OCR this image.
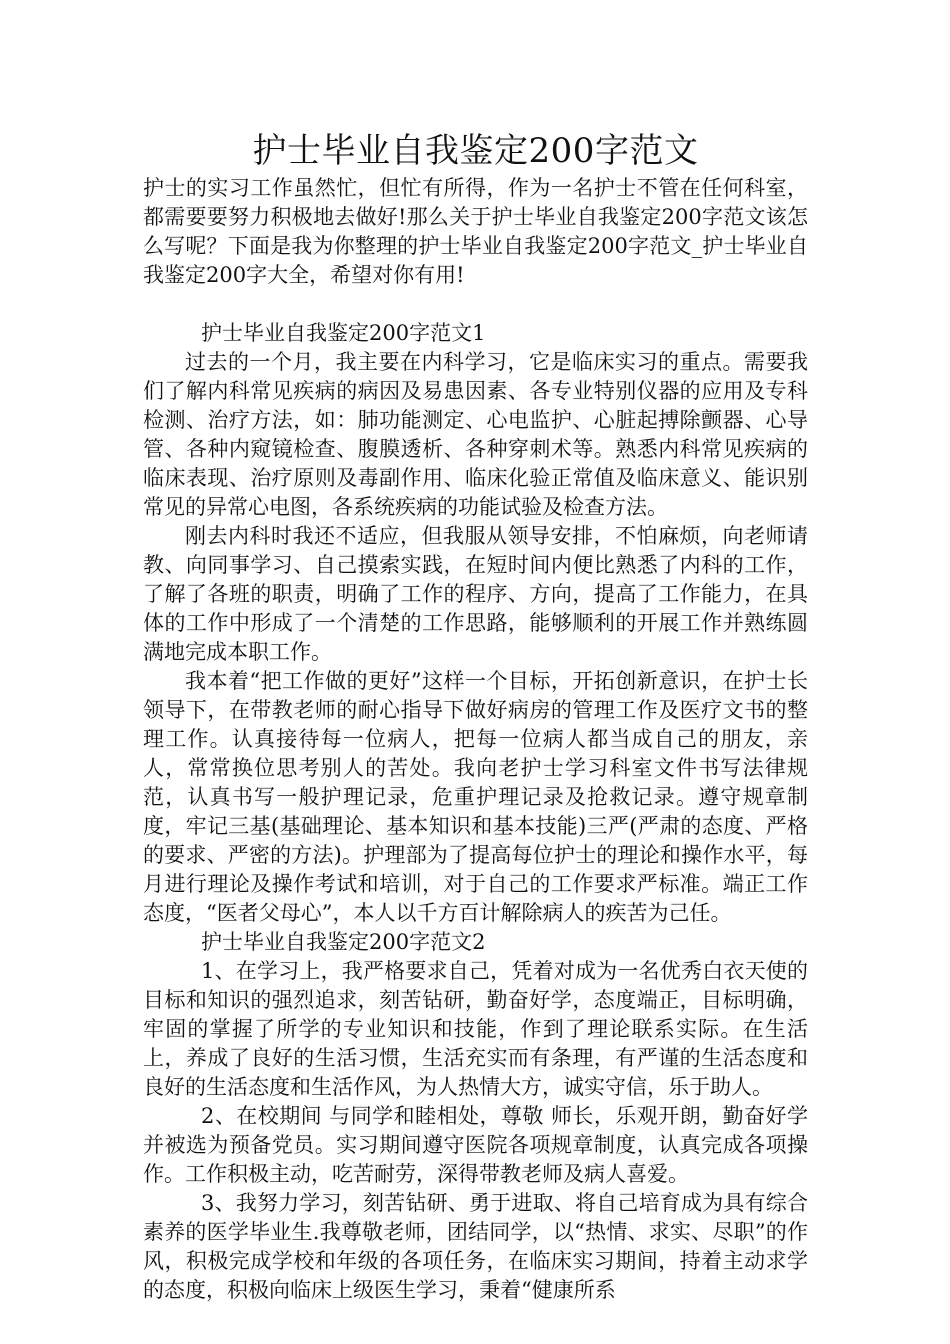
护士毕业自我鉴定200字范文

护士的实习工作虽然忙，但忙有所得，作为一名护士不管在任何科室，都需要要努力积极地去做好!那么关于护士毕业自我鉴定200字范文该怎么写呢？下面是我为你整理的护士毕业自我鉴定200字范文_护士毕业自我鉴定200字大全，希望对你有用!

护士毕业自我鉴定200字范文1

过去的一个月，我主要在内科学习，它是临床实习的重点。需要我们了解内科常见疾病的病因及易患因素、各专业特别仪器的应用及专科检测、治疗方法，如：肺功能测定、心电监护、心脏起搏除颤器、心导管、各种内窥镜检查、腹膜透析、各种穿刺术等。熟悉内科常见疾病的临床表现、治疗原则及毒副作用、临床化验正常值及临床意义、能识别常见的异常心电图，各系统疾病的功能试验及检查方法。

刚去内科时我还不适应，但我服从领导安排，不怕麻烦，向老师请教、向同事学习、自己摸索实践，在短时间内便比熟悉了内科的工作，了解了各班的职责，明确了工作的程序、方向，提高了工作能力，在具体的工作中形成了一个清楚的工作思路，能够顺利的开展工作并熟练圆满地完成本职工作。

我本着“把工作做的更好”这样一个目标，开拓创新意识，在护士长领导下，在带教老师的耐心指导下做好病房的管理工作及医疗文书的整理工作。认真接待每一位病人，把每一位病人都当成自己的朋友，亲人，常常换位思考别人的苦处。我向老护士学习科室文件书写法律规范，认真书写一般护理记录，危重护理记录及抢救记录。遵守规章制度，牢记三基(基础理论、基本知识和基本技能)三严(严肃的态度、严格的要求、严密的方法)。护理部为了提高每位护士的理论和操作水平，每月进行理论及操作考试和培训，对于自己的工作要求严标准。端正工作态度，“医者父母心”，本人以千方百计解除病人的疾苦为己任。

护士毕业自我鉴定200字范文2

1、在学习上，我严格要求自己，凭着对成为一名优秀白衣天使的目标和知识的强烈追求，刻苦钻研，勤奋好学，态度端正，目标明确，牢固的掌握了所学的专业知识和技能，作到了理论联系实际。在生活上，养成了良好的生活习惯，生活充实而有条理，有严谨的生活态度和良好的生活态度和生活作风，为人热情大方，诚实守信，乐于助人。

2、在校期间 与同学和睦相处，尊敬 师长，乐观开朗，勤奋好学并被选为预备党员。实习期间遵守医院各项规章制度，认真完成各项操作。工作积极主动，吃苦耐劳，深得带教老师及病人喜爱。

3、我努力学习，刻苦钻研、勇于进取、将自己培育成为具有综合素养的医学毕业生.我尊敬老师，团结同学，以“热情、求实、尽职”的作风，积极完成学校和年级的各项任务，在临床实习期间，持着主动求学的态度，积极向临床上级医生学习，秉着“健康所系
